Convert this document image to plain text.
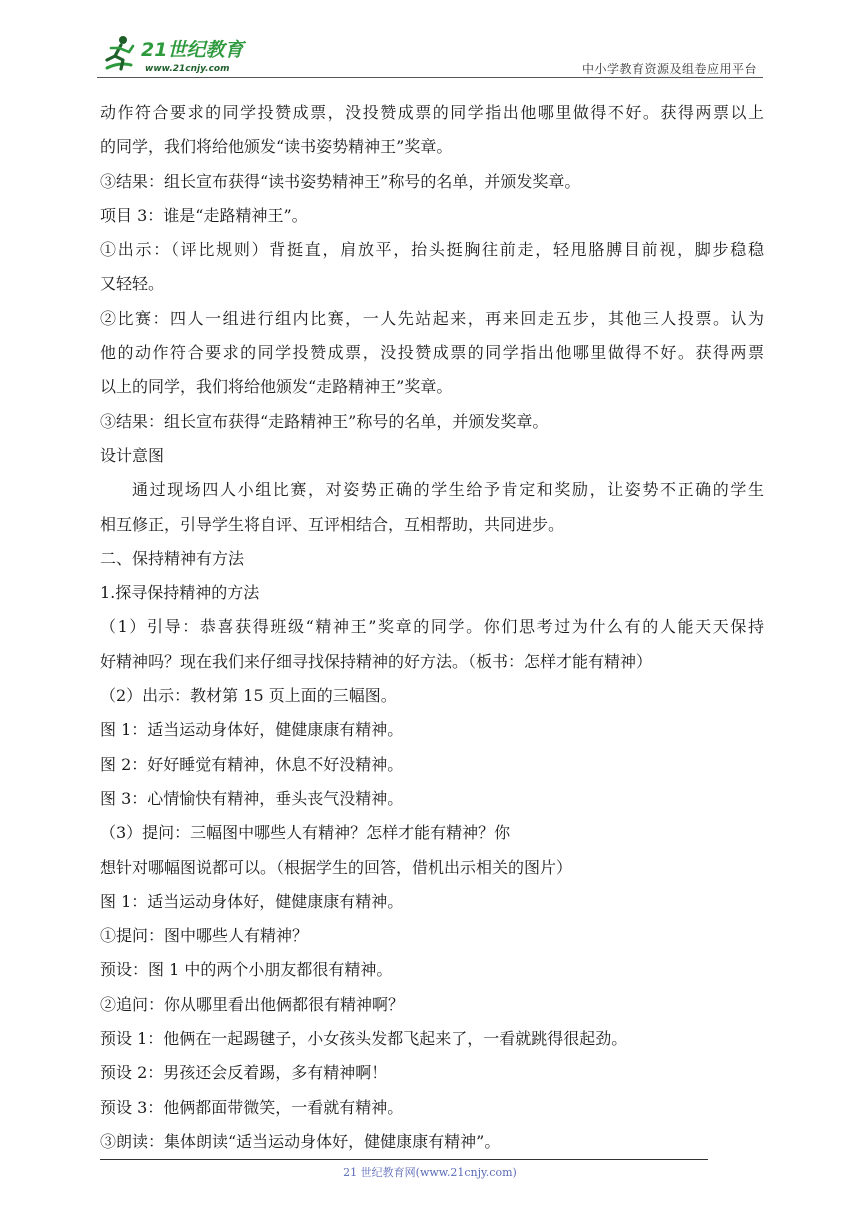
21世纪教育
www.21cnjy.com	中小学教育资源及组卷应用平台
动作符合要求的同学投赞成票，没投赞成票的同学指出他哪里做得不好。获得两票以上
的同学，我们将给他颁发“读书姿势精神王”奖章。
③结果：组长宣布获得“读书姿势精神王”称号的名单，并颁发奖章。
项目 3：谁是“走路精神王”。
①出示：（评比规则）背挺直，肩放平，抬头挺胸往前走，轻甩胳膊目前视，脚步稳稳
又轻轻。
②比赛：四人一组进行组内比赛，一人先站起来，再来回走五步，其他三人投票。认为
他的动作符合要求的同学投赞成票，没投赞成票的同学指出他哪里做得不好。获得两票
以上的同学，我们将给他颁发“走路精神王”奖章。
③结果：组长宣布获得“走路精神王”称号的名单，并颁发奖章。
设计意图
通过现场四人小组比赛，对姿势正确的学生给予肯定和奖励，让姿势不正确的学生
相互修正，引导学生将自评、互评相结合，互相帮助，共同进步。
二、保持精神有方法
1.探寻保持精神的方法
（1）引导：恭喜获得班级“精神王”奖章的同学。你们思考过为什么有的人能天天保持
好精神吗？现在我们来仔细寻找保持精神的好方法。（板书：怎样才能有精神）
（2）出示：教材第 15 页上面的三幅图。
图 1：适当运动身体好，健健康康有精神。
图 2：好好睡觉有精神，休息不好没精神。
图 3：心情愉快有精神，垂头丧气没精神。
（3）提问：三幅图中哪些人有精神？怎样才能有精神？你
想针对哪幅图说都可以。（根据学生的回答，借机出示相关的图片）
图 1：适当运动身体好，健健康康有精神。
①提问：图中哪些人有精神？
预设：图 1 中的两个小朋友都很有精神。
②追问：你从哪里看出他俩都很有精神啊？
预设 1：他俩在一起踢毽子，小女孩头发都飞起来了，一看就跳得很起劲。
预设 2：男孩还会反着踢，多有精神啊！
预设 3：他俩都面带微笑，一看就有精神。
③朗读：集体朗读“适当运动身体好，健健康康有精神”。
21 世纪教育网(www.21cnjy.com)
